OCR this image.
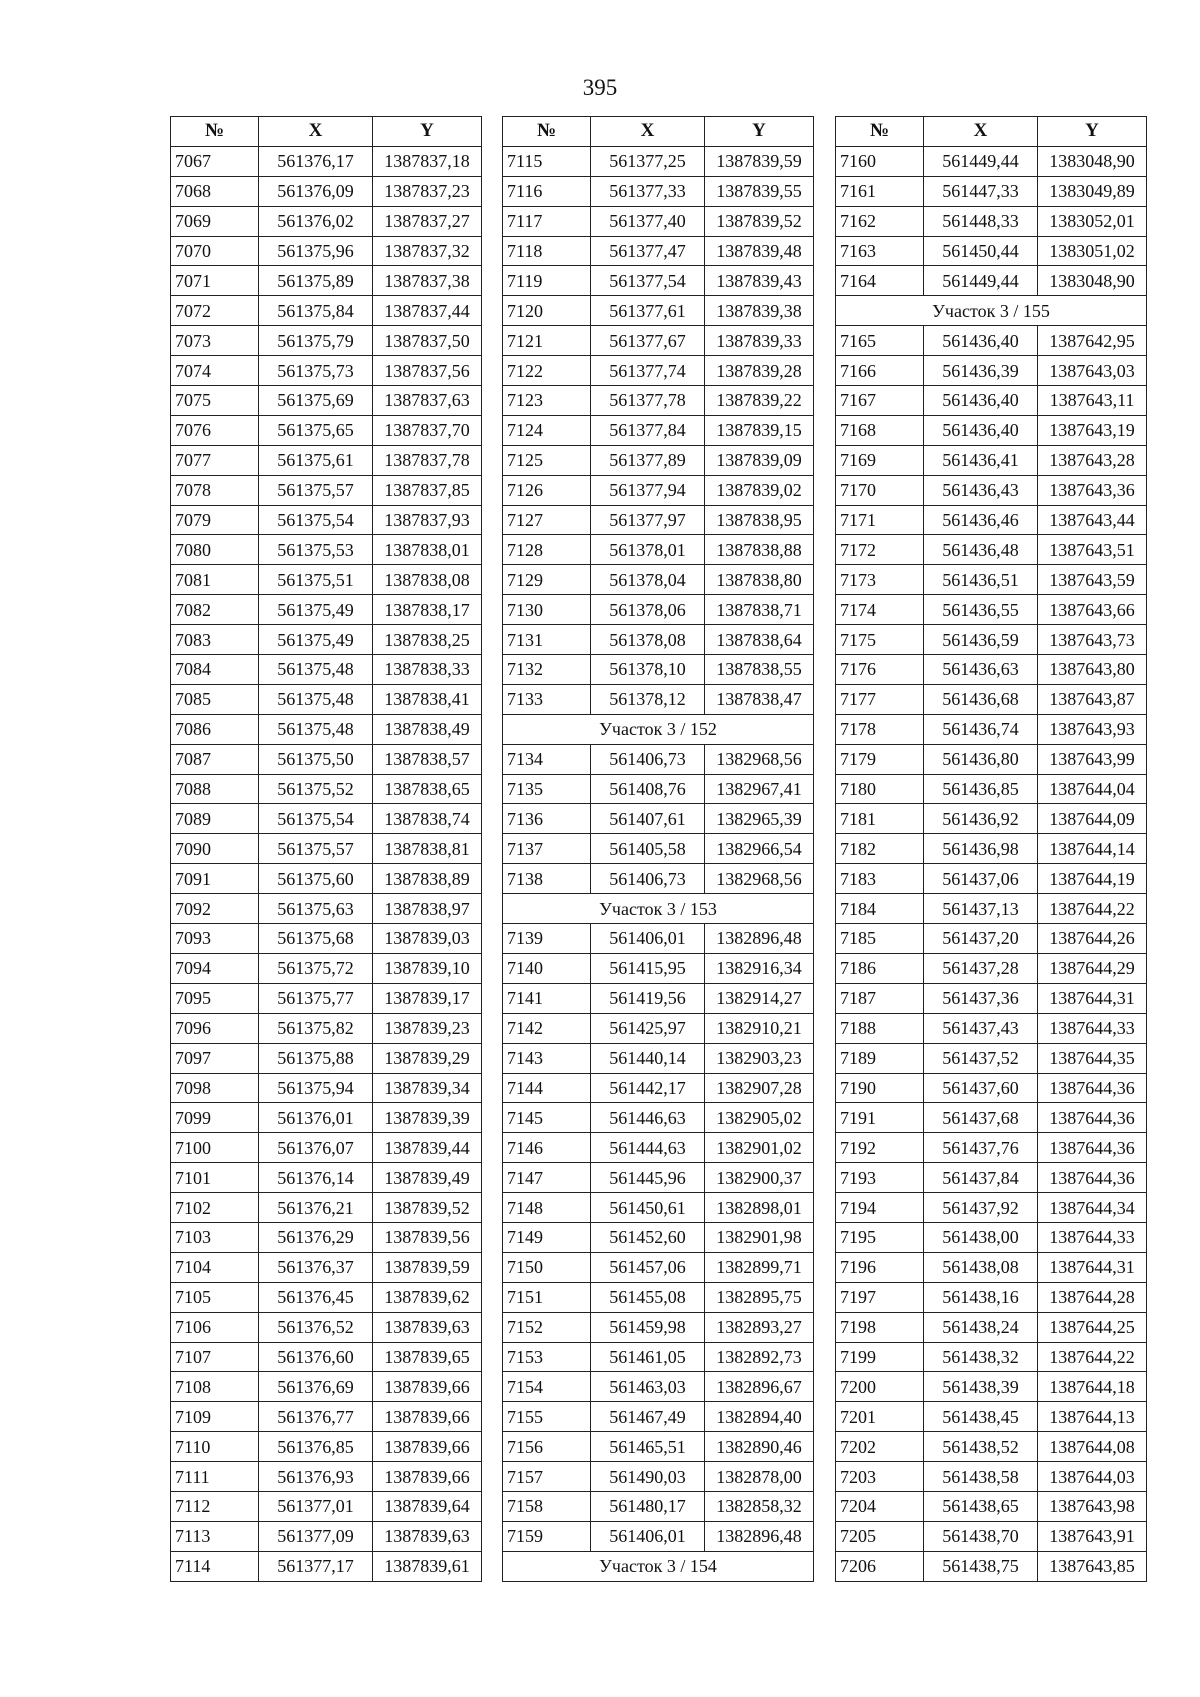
395
№	X	Y
7067	561376,17	1387837,18
7068	561376,09	1387837,23
7069	561376,02	1387837,27
7070	561375,96	1387837,32
7071	561375,89	1387837,38
7072	561375,84	1387837,44
7073	561375,79	1387837,50
7074	561375,73	1387837,56
7075	561375,69	1387837,63
7076	561375,65	1387837,70
7077	561375,61	1387837,78
7078	561375,57	1387837,85
7079	561375,54	1387837,93
7080	561375,53	1387838,01
7081	561375,51	1387838,08
7082	561375,49	1387838,17
7083	561375,49	1387838,25
7084	561375,48	1387838,33
7085	561375,48	1387838,41
7086	561375,48	1387838,49
7087	561375,50	1387838,57
7088	561375,52	1387838,65
7089	561375,54	1387838,74
7090	561375,57	1387838,81
7091	561375,60	1387838,89
7092	561375,63	1387838,97
7093	561375,68	1387839,03
7094	561375,72	1387839,10
7095	561375,77	1387839,17
7096	561375,82	1387839,23
7097	561375,88	1387839,29
7098	561375,94	1387839,34
7099	561376,01	1387839,39
7100	561376,07	1387839,44
7101	561376,14	1387839,49
7102	561376,21	1387839,52
7103	561376,29	1387839,56
7104	561376,37	1387839,59
7105	561376,45	1387839,62
7106	561376,52	1387839,63
7107	561376,60	1387839,65
7108	561376,69	1387839,66
7109	561376,77	1387839,66
7110	561376,85	1387839,66
7111	561376,93	1387839,66
7112	561377,01	1387839,64
7113	561377,09	1387839,63
7114	561377,17	1387839,61
№	X	Y
7115	561377,25	1387839,59
7116	561377,33	1387839,55
7117	561377,40	1387839,52
7118	561377,47	1387839,48
7119	561377,54	1387839,43
7120	561377,61	1387839,38
7121	561377,67	1387839,33
7122	561377,74	1387839,28
7123	561377,78	1387839,22
7124	561377,84	1387839,15
7125	561377,89	1387839,09
7126	561377,94	1387839,02
7127	561377,97	1387838,95
7128	561378,01	1387838,88
7129	561378,04	1387838,80
7130	561378,06	1387838,71
7131	561378,08	1387838,64
7132	561378,10	1387838,55
7133	561378,12	1387838,47
Участок 3 / 152		
7134	561406,73	1382968,56
7135	561408,76	1382967,41
7136	561407,61	1382965,39
7137	561405,58	1382966,54
7138	561406,73	1382968,56
Участок 3 / 153		
7139	561406,01	1382896,48
7140	561415,95	1382916,34
7141	561419,56	1382914,27
7142	561425,97	1382910,21
7143	561440,14	1382903,23
7144	561442,17	1382907,28
7145	561446,63	1382905,02
7146	561444,63	1382901,02
7147	561445,96	1382900,37
7148	561450,61	1382898,01
7149	561452,60	1382901,98
7150	561457,06	1382899,71
7151	561455,08	1382895,75
7152	561459,98	1382893,27
7153	561461,05	1382892,73
7154	561463,03	1382896,67
7155	561467,49	1382894,40
7156	561465,51	1382890,46
7157	561490,03	1382878,00
7158	561480,17	1382858,32
7159	561406,01	1382896,48
Участок 3 / 154		
№	X	Y
7160	561449,44	1383048,90
7161	561447,33	1383049,89
7162	561448,33	1383052,01
7163	561450,44	1383051,02
7164	561449,44	1383048,90
Участок 3 / 155		
7165	561436,40	1387642,95
7166	561436,39	1387643,03
7167	561436,40	1387643,11
7168	561436,40	1387643,19
7169	561436,41	1387643,28
7170	561436,43	1387643,36
7171	561436,46	1387643,44
7172	561436,48	1387643,51
7173	561436,51	1387643,59
7174	561436,55	1387643,66
7175	561436,59	1387643,73
7176	561436,63	1387643,80
7177	561436,68	1387643,87
7178	561436,74	1387643,93
7179	561436,80	1387643,99
7180	561436,85	1387644,04
7181	561436,92	1387644,09
7182	561436,98	1387644,14
7183	561437,06	1387644,19
7184	561437,13	1387644,22
7185	561437,20	1387644,26
7186	561437,28	1387644,29
7187	561437,36	1387644,31
7188	561437,43	1387644,33
7189	561437,52	1387644,35
7190	561437,60	1387644,36
7191	561437,68	1387644,36
7192	561437,76	1387644,36
7193	561437,84	1387644,36
7194	561437,92	1387644,34
7195	561438,00	1387644,33
7196	561438,08	1387644,31
7197	561438,16	1387644,28
7198	561438,24	1387644,25
7199	561438,32	1387644,22
7200	561438,39	1387644,18
7201	561438,45	1387644,13
7202	561438,52	1387644,08
7203	561438,58	1387644,03
7204	561438,65	1387643,98
7205	561438,70	1387643,91
7206	561438,75	1387643,85
